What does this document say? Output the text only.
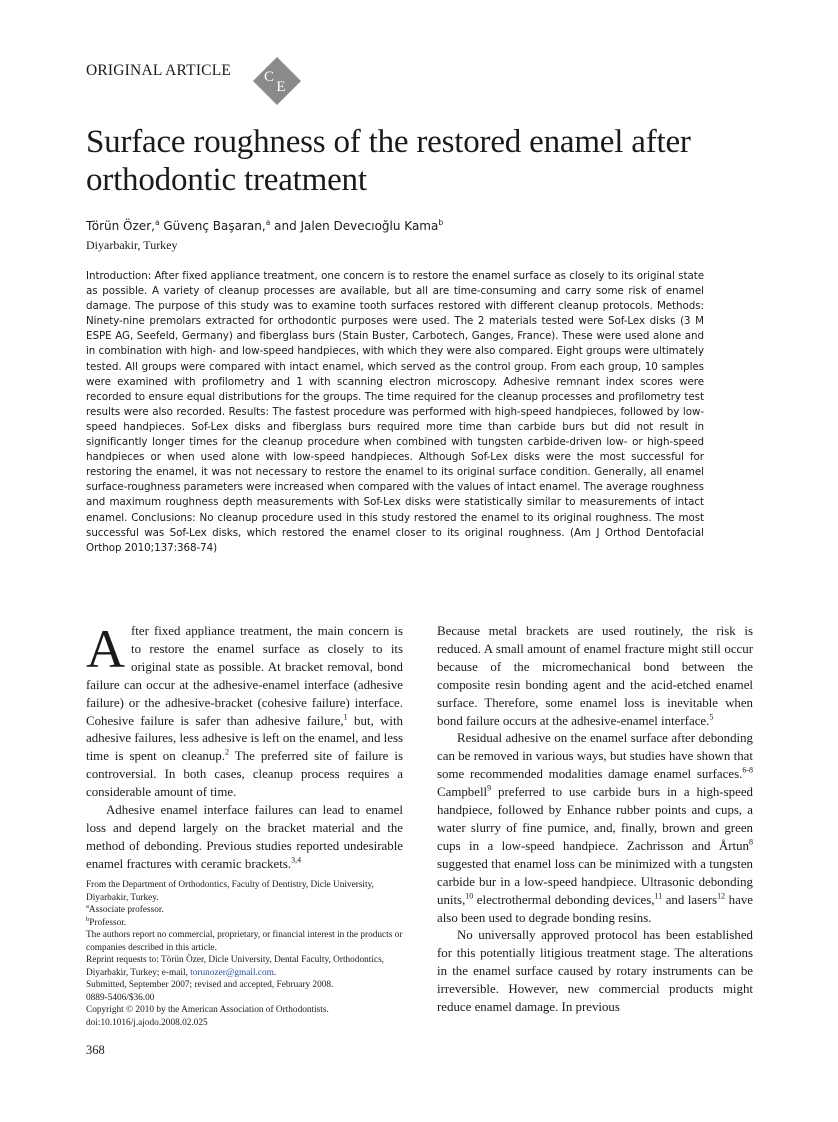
ORIGINAL ARTICLE C
E
Surface roughness of the restored enamel after orthodontic treatment
Törün Özer,$^a$ Güvenç Başaran,$^a$ and Jalen Devecıoğlu Kama$^b$
Diyarbakir, Turkey

Introduction: After fixed appliance treatment, one concern is to restore the enamel surface as closely to its original state as possible. A variety of cleanup processes are available, but all are time-consuming and carry some risk of enamel damage. The purpose of this study was to examine tooth surfaces restored with different cleanup protocols. Methods: Ninety-nine premolars extracted for orthodontic purposes were used. The 2 materials tested were Sof-Lex disks (3 M ESPE AG, Seefeld, Germany) and fiberglass burs (Stain Buster, Carbotech, Ganges, France). These were used alone and in combination with high- and low-speed handpieces, with which they were also compared. Eight groups were ultimately tested. All groups were compared with intact enamel, which served as the control group. From each group, 10 samples were examined with profilometry and 1 with scanning electron microscopy. Adhesive remnant index scores were recorded to ensure equal distributions for the groups. The time required for the cleanup processes and profilometry test results were also recorded. Results: The fastest procedure was performed with high-speed handpieces, followed by low-speed handpieces. Sof-Lex disks and fiberglass burs required more time than carbide burs but did not result in significantly longer times for the cleanup procedure when combined with tungsten carbide-driven low- or high-speed handpieces or when used alone with low-speed handpieces. Although Sof-Lex disks were the most successful for restoring the enamel, it was not necessary to restore the enamel to its original surface condition. Generally, all enamel surface-roughness parameters were increased when compared with the values of intact enamel. The average roughness and maximum roughness depth measurements with Sof-Lex disks were statistically similar to measurements of intact enamel. Conclusions: No cleanup procedure used in this study restored the enamel to its original roughness. The most successful was Sof-Lex disks, which restored the enamel closer to its original roughness. (Am J Orthod Dentofacial Orthop 2010;137:368-74)

After fixed appliance treatment, the main concern is to restore the enamel surface as closely to its original state as possible. At bracket removal, bond failure can occur at the adhesive-enamel interface (adhesive failure) or the adhesive-bracket (cohesive failure) interface. Cohesive failure is safer than adhesive failure,$^1$ but, with adhesive failures, less adhesive is left on the enamel, and less time is spent on cleanup.$^2$ The preferred site of failure is controversial. In both cases, cleanup process requires a considerable amount of time.

Adhesive enamel interface failures can lead to enamel loss and depend largely on the bracket material and the method of debonding. Previous studies reported undesirable enamel fractures with ceramic brackets.$^{3,4}$

From the Department of Orthodontics, Faculty of Dentistry, Dicle University, Diyarbakir, Turkey.

$^a$Associate professor.

$^b$Professor.

The authors report no commercial, proprietary, or financial interest in the products or companies described in this article.

Reprint requests to: Törün Özer, Dicle University, Dental Faculty, Orthodontics, Diyarbakir, Turkey; e-mail, torunozer@gmail.com.

Submitted, September 2007; revised and accepted, February 2008.

0889-5406/$36.00

Copyright © 2010 by the American Association of Orthodontists.

doi:10.1016/j.ajodo.2008.02.025

Because metal brackets are used routinely, the risk is reduced. A small amount of enamel fracture might still occur because of the micromechanical bond between the composite resin bonding agent and the acid-etched enamel surface. Therefore, some enamel loss is inevitable when bond failure occurs at the adhesive-enamel interface.$^5$

Residual adhesive on the enamel surface after debonding can be removed in various ways, but studies have shown that some recommended modalities damage enamel surfaces.$^{6-8}$ Campbell$^9$ preferred to use carbide burs in a high-speed handpiece, followed by Enhance rubber points and cups, a water slurry of fine pumice, and, finally, brown and green cups in a low-speed handpiece. Zachrisson and Årtun$^8$ suggested that enamel loss can be minimized with a tungsten carbide bur in a low-speed handpiece. Ultrasonic debonding units,$^{10}$ electrothermal debonding devices,$^{11}$ and lasers$^{12}$ have also been used to degrade bonding resins.

No universally approved protocol has been established for this potentially litigious treatment stage. The alterations in the enamel surface caused by rotary instruments can be irreversible. However, new commercial products might reduce enamel damage. In previous

368
